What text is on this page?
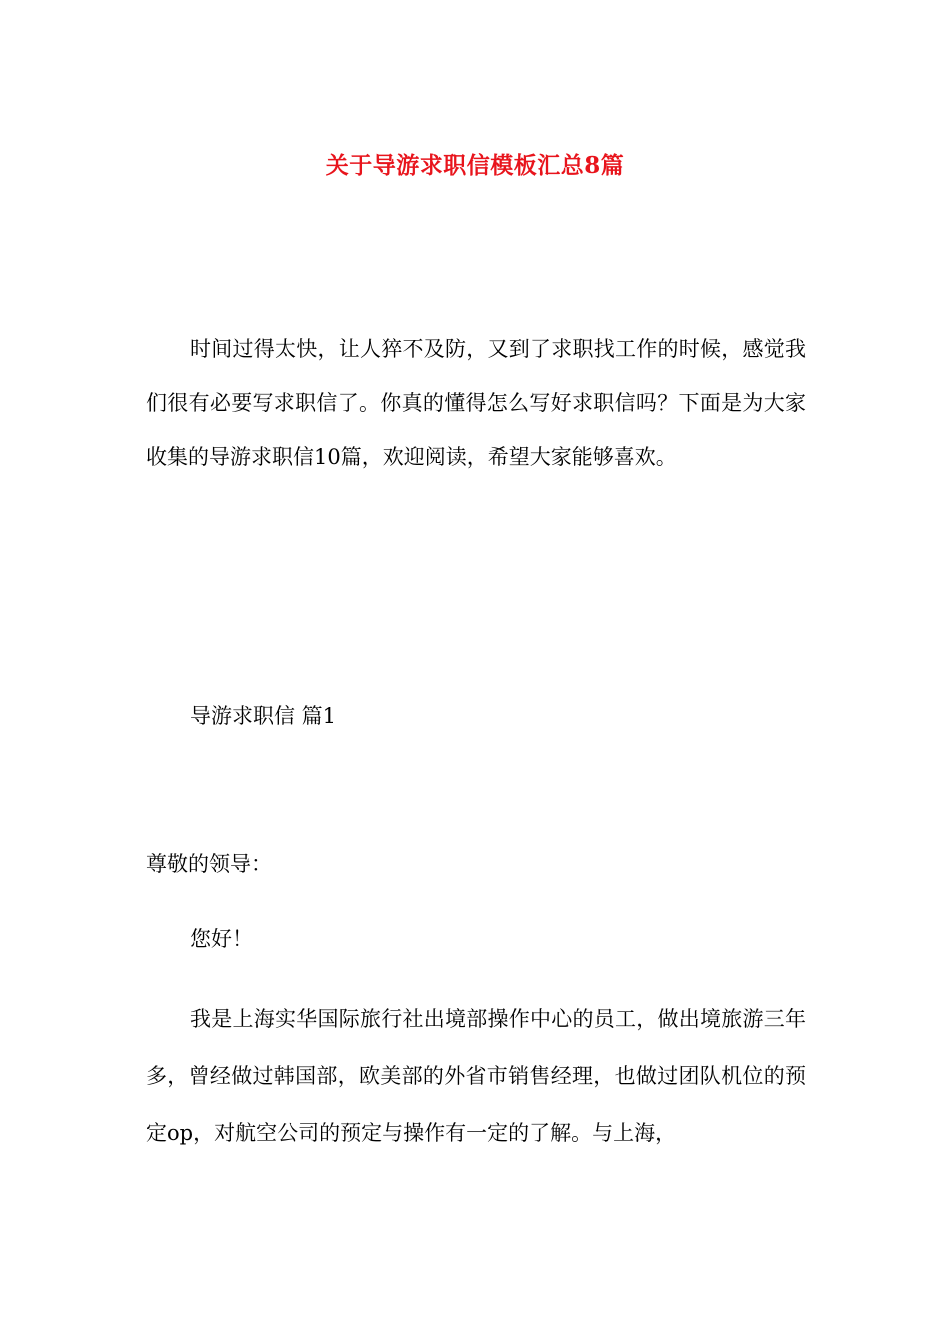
关于导游求职信模板汇总8篇

时间过得太快，让人猝不及防，又到了求职找工作的时候，感觉我们很有必要写求职信了。你真的懂得怎么写好求职信吗？下面是为大家收集的导游求职信10篇，欢迎阅读，希望大家能够喜欢。

导游求职信 篇1

尊敬的领导：

您好！

我是上海实华国际旅行社出境部操作中心的员工，做出境旅游三年多，曾经做过韩国部，欧美部的外省市销售经理，也做过团队机位的预定op，对航空公司的预定与操作有一定的了解。与上海，
